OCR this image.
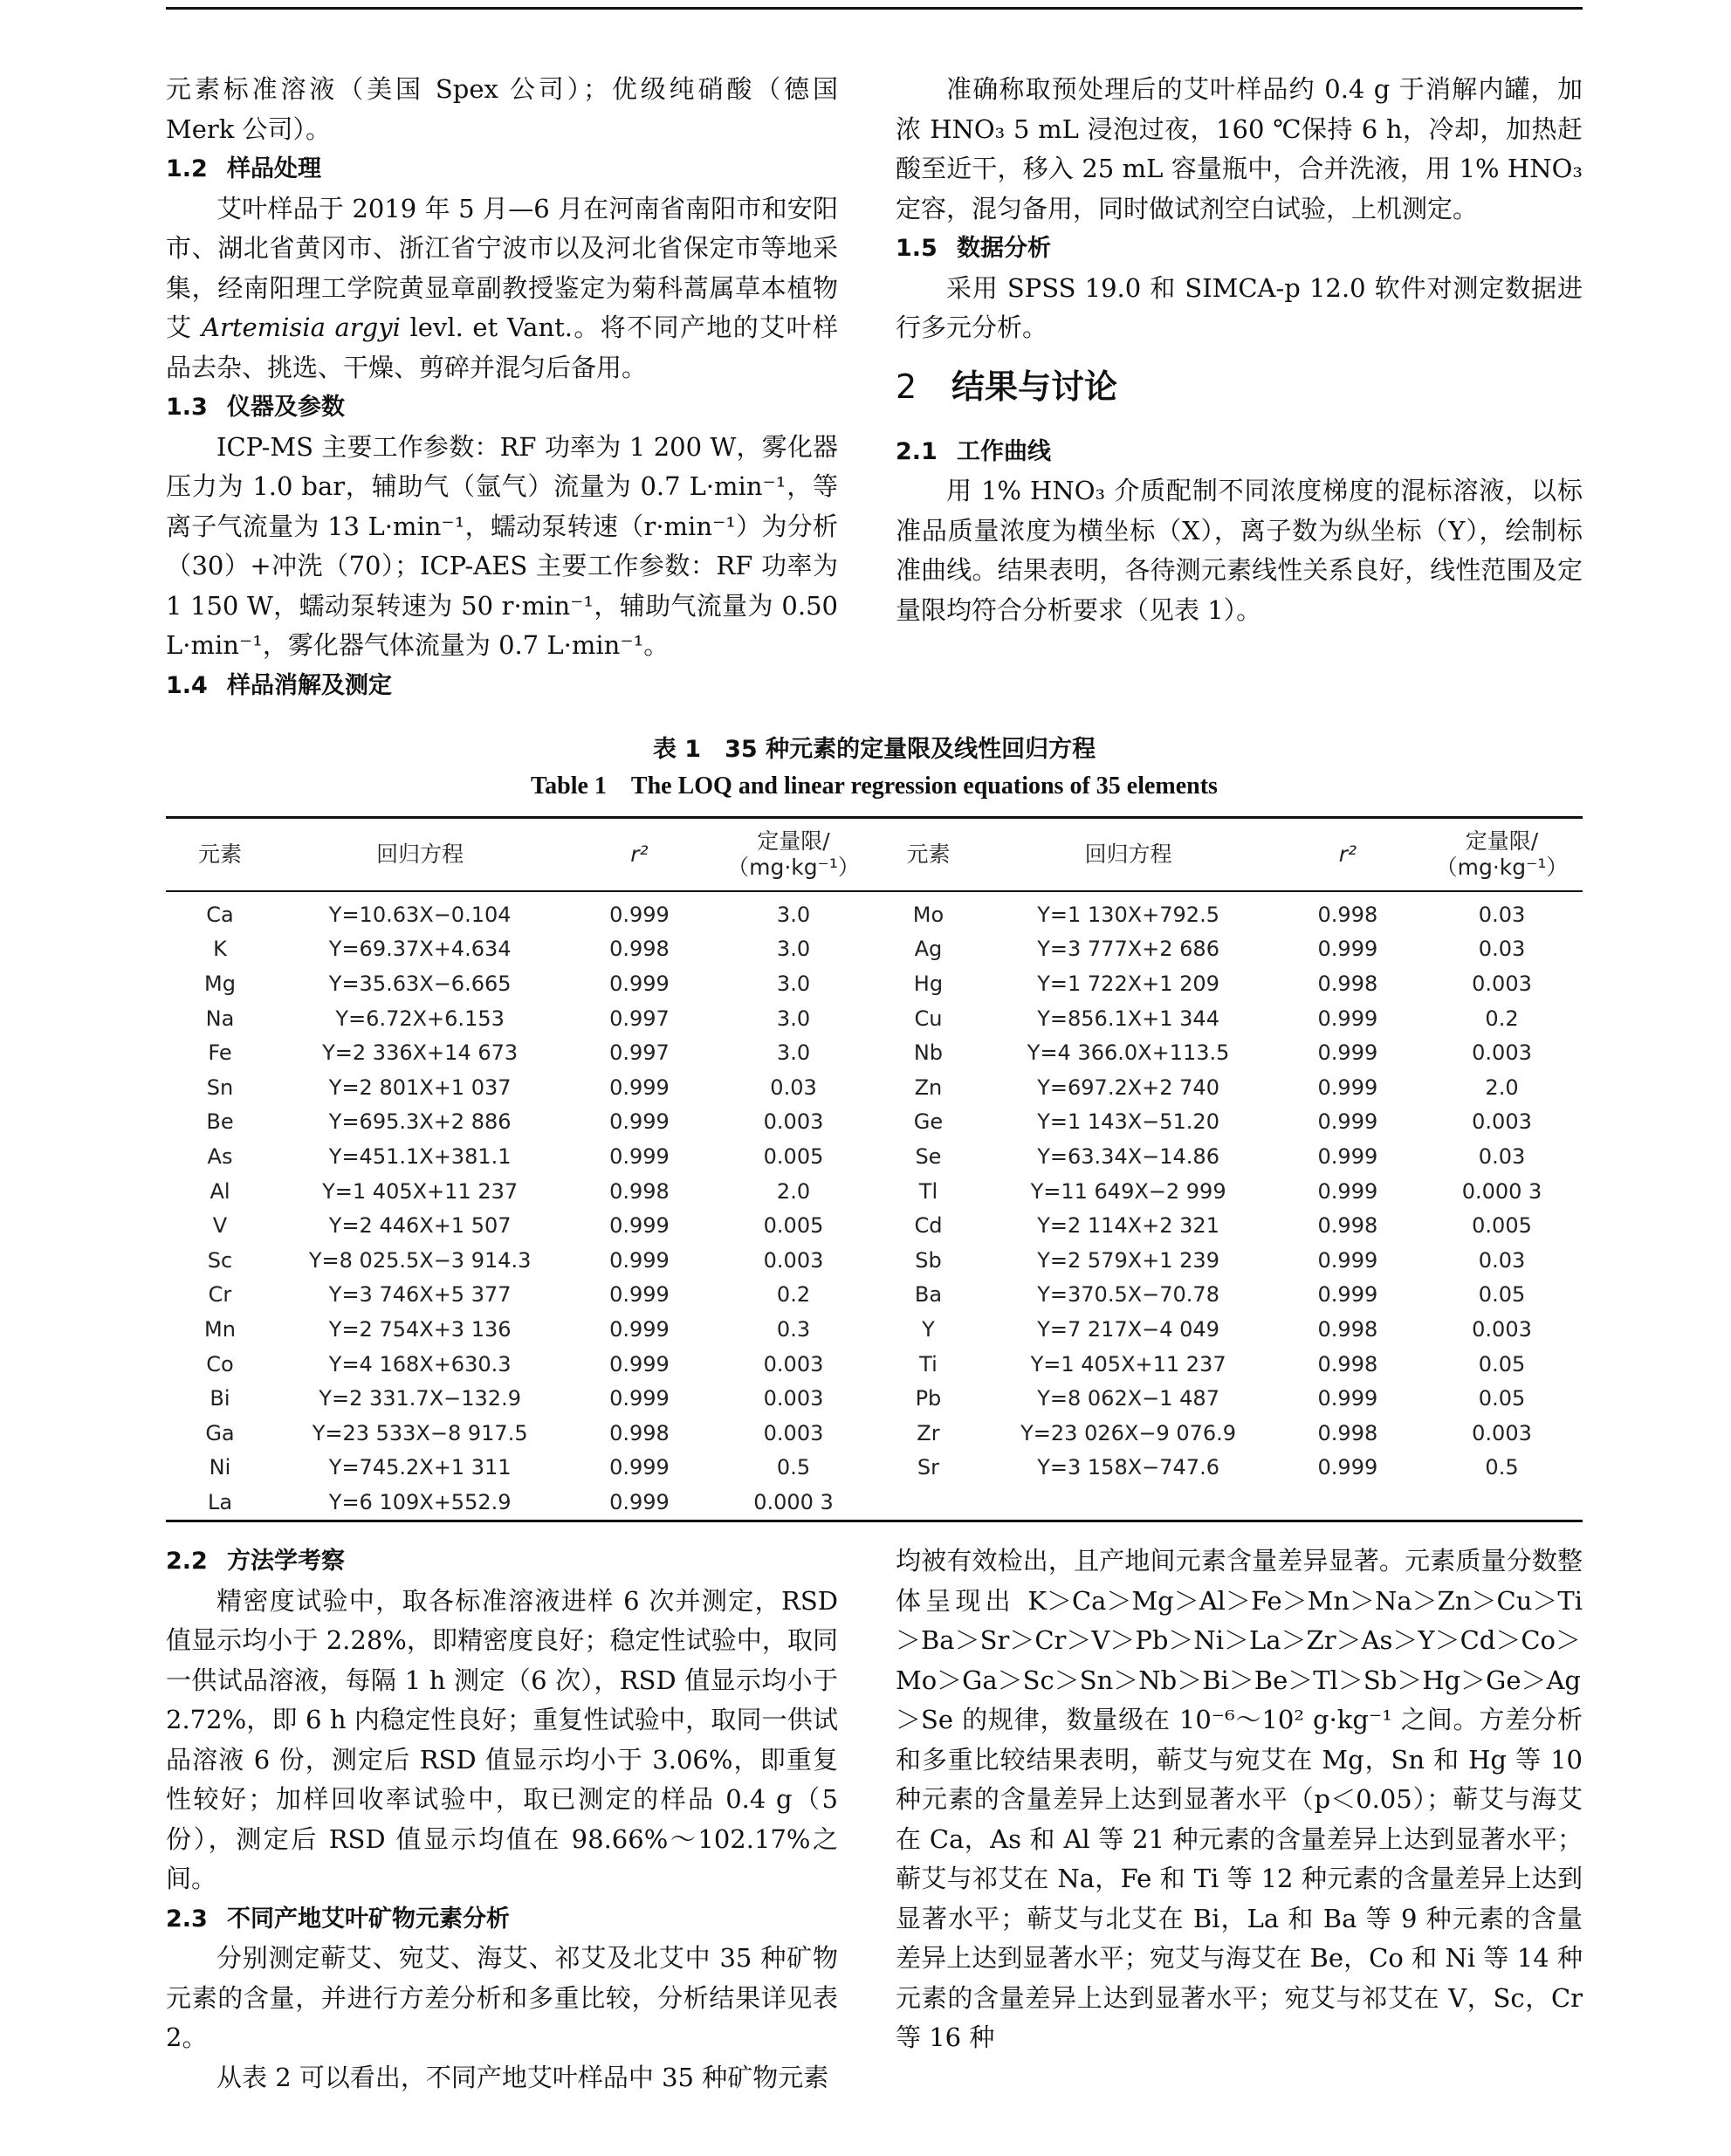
元素标准溶液（美国 Spex 公司）；优级纯硝酸（德国 Merk 公司）。

1.2 样品处理

艾叶样品于 2019 年 5 月—6 月在河南省南阳市和安阳市、湖北省黄冈市、浙江省宁波市以及河北省保定市等地采集，经南阳理工学院黄显章副教授鉴定为菊科蒿属草本植物艾 Artemisia argyi levl. et Vant.。将不同产地的艾叶样品去杂、挑选、干燥、剪碎并混匀后备用。

1.3 仪器及参数

ICP-MS 主要工作参数：RF 功率为 1 200 W，雾化器压力为 1.0 bar，辅助气（氩气）流量为 0.7 L·min⁻¹，等离子气流量为 13 L·min⁻¹，蠕动泵转速（r·min⁻¹）为分析（30）+冲洗（70）；ICP-AES 主要工作参数：RF 功率为 1 150 W，蠕动泵转速为 50 r·min⁻¹，辅助气流量为 0.50 L·min⁻¹，雾化器气体流量为 0.7 L·min⁻¹。

1.4 样品消解及测定

准确称取预处理后的艾叶样品约 0.4 g 于消解内罐，加浓 HNO₃ 5 mL 浸泡过夜，160 ℃保持 6 h，冷却，加热赶酸至近干，移入 25 mL 容量瓶中，合并洗液，用 1% HNO₃ 定容，混匀备用，同时做试剂空白试验，上机测定。

1.5 数据分析

采用 SPSS 19.0 和 SIMCA-p 12.0 软件对测定数据进行多元分析。

2 结果与讨论
2.1 工作曲线

用 1% HNO₃ 介质配制不同浓度梯度的混标溶液，以标准品质量浓度为横坐标（X），离子数为纵坐标（Y），绘制标准曲线。结果表明，各待测元素线性关系良好，线性范围及定量限均符合分析要求（见表 1）。

表 1　35 种元素的定量限及线性回归方程
Table 1　The LOQ and linear regression equations of 35 elements
元素	回归方程	r²	定量限/
（mg·kg⁻¹）	元素	回归方程	r²	定量限/
（mg·kg⁻¹）
Ca	Y=10.63X−0.104	0.999	3.0	Mo	Y=1 130X+792.5	0.998	0.03
K	Y=69.37X+4.634	0.998	3.0	Ag	Y=3 777X+2 686	0.999	0.03
Mg	Y=35.63X−6.665	0.999	3.0	Hg	Y=1 722X+1 209	0.998	0.003
Na	Y=6.72X+6.153	0.997	3.0	Cu	Y=856.1X+1 344	0.999	0.2
Fe	Y=2 336X+14 673	0.997	3.0	Nb	Y=4 366.0X+113.5	0.999	0.003
Sn	Y=2 801X+1 037	0.999	0.03	Zn	Y=697.2X+2 740	0.999	2.0
Be	Y=695.3X+2 886	0.999	0.003	Ge	Y=1 143X−51.20	0.999	0.003
As	Y=451.1X+381.1	0.999	0.005	Se	Y=63.34X−14.86	0.999	0.03
Al	Y=1 405X+11 237	0.998	2.0	Tl	Y=11 649X−2 999	0.999	0.000 3
V	Y=2 446X+1 507	0.999	0.005	Cd	Y=2 114X+2 321	0.998	0.005
Sc	Y=8 025.5X−3 914.3	0.999	0.003	Sb	Y=2 579X+1 239	0.999	0.03
Cr	Y=3 746X+5 377	0.999	0.2	Ba	Y=370.5X−70.78	0.999	0.05
Mn	Y=2 754X+3 136	0.999	0.3	Y	Y=7 217X−4 049	0.998	0.003
Co	Y=4 168X+630.3	0.999	0.003	Ti	Y=1 405X+11 237	0.998	0.05
Bi	Y=2 331.7X−132.9	0.999	0.003	Pb	Y=8 062X−1 487	0.999	0.05
Ga	Y=23 533X−8 917.5	0.998	0.003	Zr	Y=23 026X−9 076.9	0.998	0.003
Ni	Y=745.2X+1 311	0.999	0.5	Sr	Y=3 158X−747.6	0.999	0.5
La	Y=6 109X+552.9	0.999	0.000 3				
2.2 方法学考察

精密度试验中，取各标准溶液进样 6 次并测定，RSD 值显示均小于 2.28%，即精密度良好；稳定性试验中，取同一供试品溶液，每隔 1 h 测定（6 次），RSD 值显示均小于 2.72%，即 6 h 内稳定性良好；重复性试验中，取同一供试品溶液 6 份，测定后 RSD 值显示均小于 3.06%，即重复性较好；加样回收率试验中，取已测定的样品 0.4 g（5 份），测定后 RSD 值显示均值在 98.66%～102.17%之间。

2.3 不同产地艾叶矿物元素分析

分别测定蕲艾、宛艾、海艾、祁艾及北艾中 35 种矿物元素的含量，并进行方差分析和多重比较，分析结果详见表 2。

从表 2 可以看出，不同产地艾叶样品中 35 种矿物元素

均被有效检出，且产地间元素含量差异显著。元素质量分数整体呈现出 K＞Ca＞Mg＞Al＞Fe＞Mn＞Na＞Zn＞Cu＞Ti＞Ba＞Sr＞Cr＞V＞Pb＞Ni＞La＞Zr＞As＞Y＞Cd＞Co＞Mo＞Ga＞Sc＞Sn＞Nb＞Bi＞Be＞Tl＞Sb＞Hg＞Ge＞Ag＞Se 的规律，数量级在 10⁻⁶～10² g·kg⁻¹ 之间。方差分析和多重比较结果表明，蕲艾与宛艾在 Mg，Sn 和 Hg 等 10 种元素的含量差异上达到显著水平（p＜0.05）；蕲艾与海艾在 Ca，As 和 Al 等 21 种元素的含量差异上达到显著水平；蕲艾与祁艾在 Na，Fe 和 Ti 等 12 种元素的含量差异上达到显著水平；蕲艾与北艾在 Bi，La 和 Ba 等 9 种元素的含量差异上达到显著水平；宛艾与海艾在 Be，Co 和 Ni 等 14 种元素的含量差异上达到显著水平；宛艾与祁艾在 V，Sc，Cr 等 16 种
